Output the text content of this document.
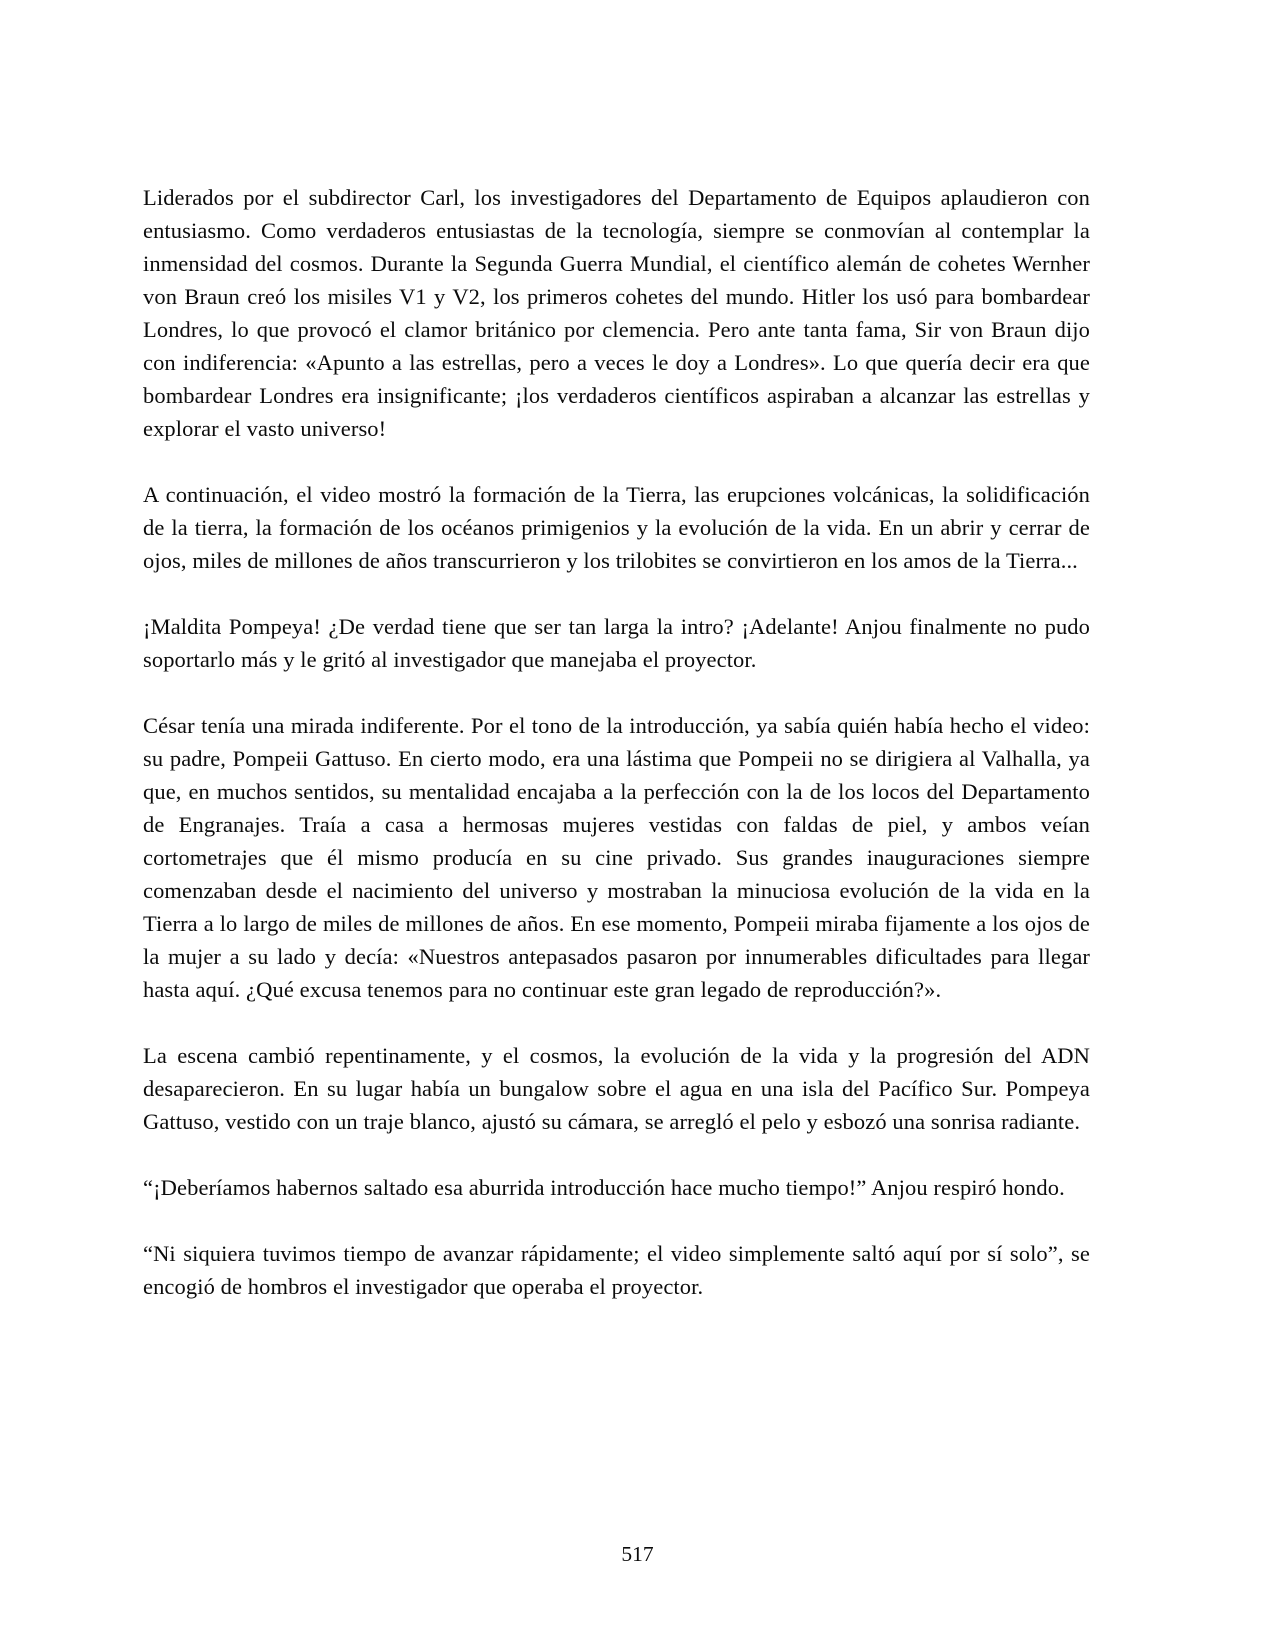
Liderados por el subdirector Carl, los investigadores del Departamento de Equipos aplaudieron con entusiasmo. Como verdaderos entusiastas de la tecnología, siempre se conmovían al contemplar la inmensidad del cosmos. Durante la Segunda Guerra Mundial, el científico alemán de cohetes Wernher von Braun creó los misiles V1 y V2, los primeros cohetes del mundo. Hitler los usó para bombardear Londres, lo que provocó el clamor británico por clemencia. Pero ante tanta fama, Sir von Braun dijo con indiferencia: «Apunto a las estrellas, pero a veces le doy a Londres». Lo que quería decir era que bombardear Londres era insignificante; ¡los verdaderos científicos aspiraban a alcanzar las estrellas y explorar el vasto universo!

A continuación, el video mostró la formación de la Tierra, las erupciones volcánicas, la solidificación de la tierra, la formación de los océanos primigenios y la evolución de la vida. En un abrir y cerrar de ojos, miles de millones de años transcurrieron y los trilobites se convirtieron en los amos de la Tierra...

¡Maldita Pompeya! ¿De verdad tiene que ser tan larga la intro? ¡Adelante! Anjou finalmente no pudo soportarlo más y le gritó al investigador que manejaba el proyector.

César tenía una mirada indiferente. Por el tono de la introducción, ya sabía quién había hecho el video: su padre, Pompeii Gattuso. En cierto modo, era una lástima que Pompeii no se dirigiera al Valhalla, ya que, en muchos sentidos, su mentalidad encajaba a la perfección con la de los locos del Departamento de Engranajes. Traía a casa a hermosas mujeres vestidas con faldas de piel, y ambos veían cortometrajes que él mismo producía en su cine privado. Sus grandes inauguraciones siempre comenzaban desde el nacimiento del universo y mostraban la minuciosa evolución de la vida en la Tierra a lo largo de miles de millones de años. En ese momento, Pompeii miraba fijamente a los ojos de la mujer a su lado y decía: «Nuestros antepasados pasaron por innumerables dificultades para llegar hasta aquí. ¿Qué excusa tenemos para no continuar este gran legado de reproducción?».

La escena cambió repentinamente, y el cosmos, la evolución de la vida y la progresión del ADN desaparecieron. En su lugar había un bungalow sobre el agua en una isla del Pacífico Sur. Pompeya Gattuso, vestido con un traje blanco, ajustó su cámara, se arregló el pelo y esbozó una sonrisa radiante.

“¡Deberíamos habernos saltado esa aburrida introducción hace mucho tiempo!” Anjou respiró hondo.

“Ni siquiera tuvimos tiempo de avanzar rápidamente; el video simplemente saltó aquí por sí solo”, se encogió de hombros el investigador que operaba el proyector.

517
